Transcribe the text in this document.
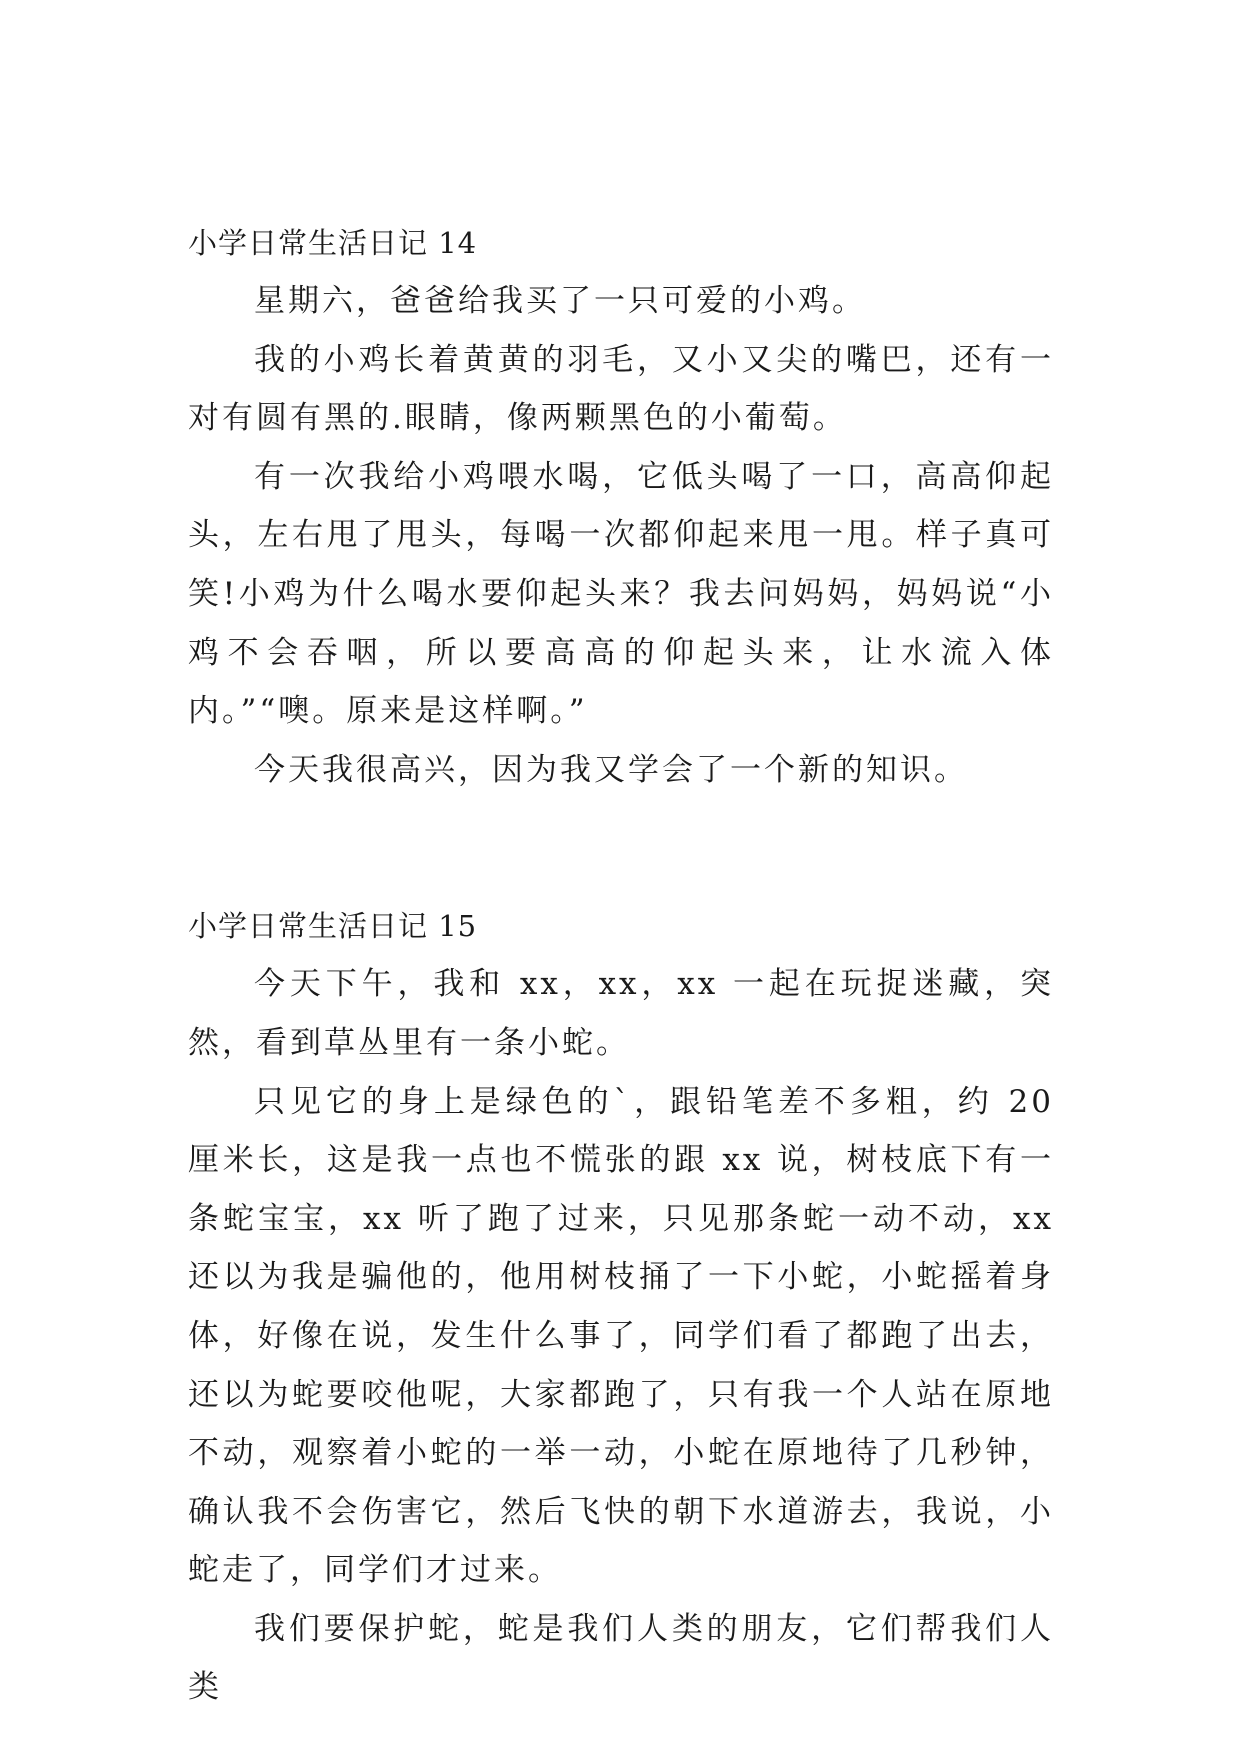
小学日常生活日记 14

星期六，爸爸给我买了一只可爱的小鸡。

我的小鸡长着黄黄的羽毛，又小又尖的嘴巴，还有一对有圆有黑的.眼睛，像两颗黑色的小葡萄。

有一次我给小鸡喂水喝，它低头喝了一口，高高仰起头，左右甩了甩头，每喝一次都仰起来甩一甩。样子真可笑!小鸡为什么喝水要仰起头来？我去问妈妈，妈妈说“小鸡不会吞咽，所以要高高的仰起头来，让水流入体内。”“噢。原来是这样啊。”

今天我很高兴，因为我又学会了一个新的知识。

小学日常生活日记 15

今天下午，我和 xx，xx，xx 一起在玩捉迷藏，突然，看到草丛里有一条小蛇。

只见它的身上是绿色的`，跟铅笔差不多粗，约 20 厘米长，这是我一点也不慌张的跟 xx 说，树枝底下有一条蛇宝宝，xx 听了跑了过来，只见那条蛇一动不动，xx 还以为我是骗他的，他用树枝捅了一下小蛇，小蛇摇着身体，好像在说，发生什么事了，同学们看了都跑了出去，还以为蛇要咬他呢，大家都跑了，只有我一个人站在原地不动，观察着小蛇的一举一动，小蛇在原地待了几秒钟，确认我不会伤害它，然后飞快的朝下水道游去，我说，小蛇走了，同学们才过来。

我们要保护蛇，蛇是我们人类的朋友，它们帮我们人类
